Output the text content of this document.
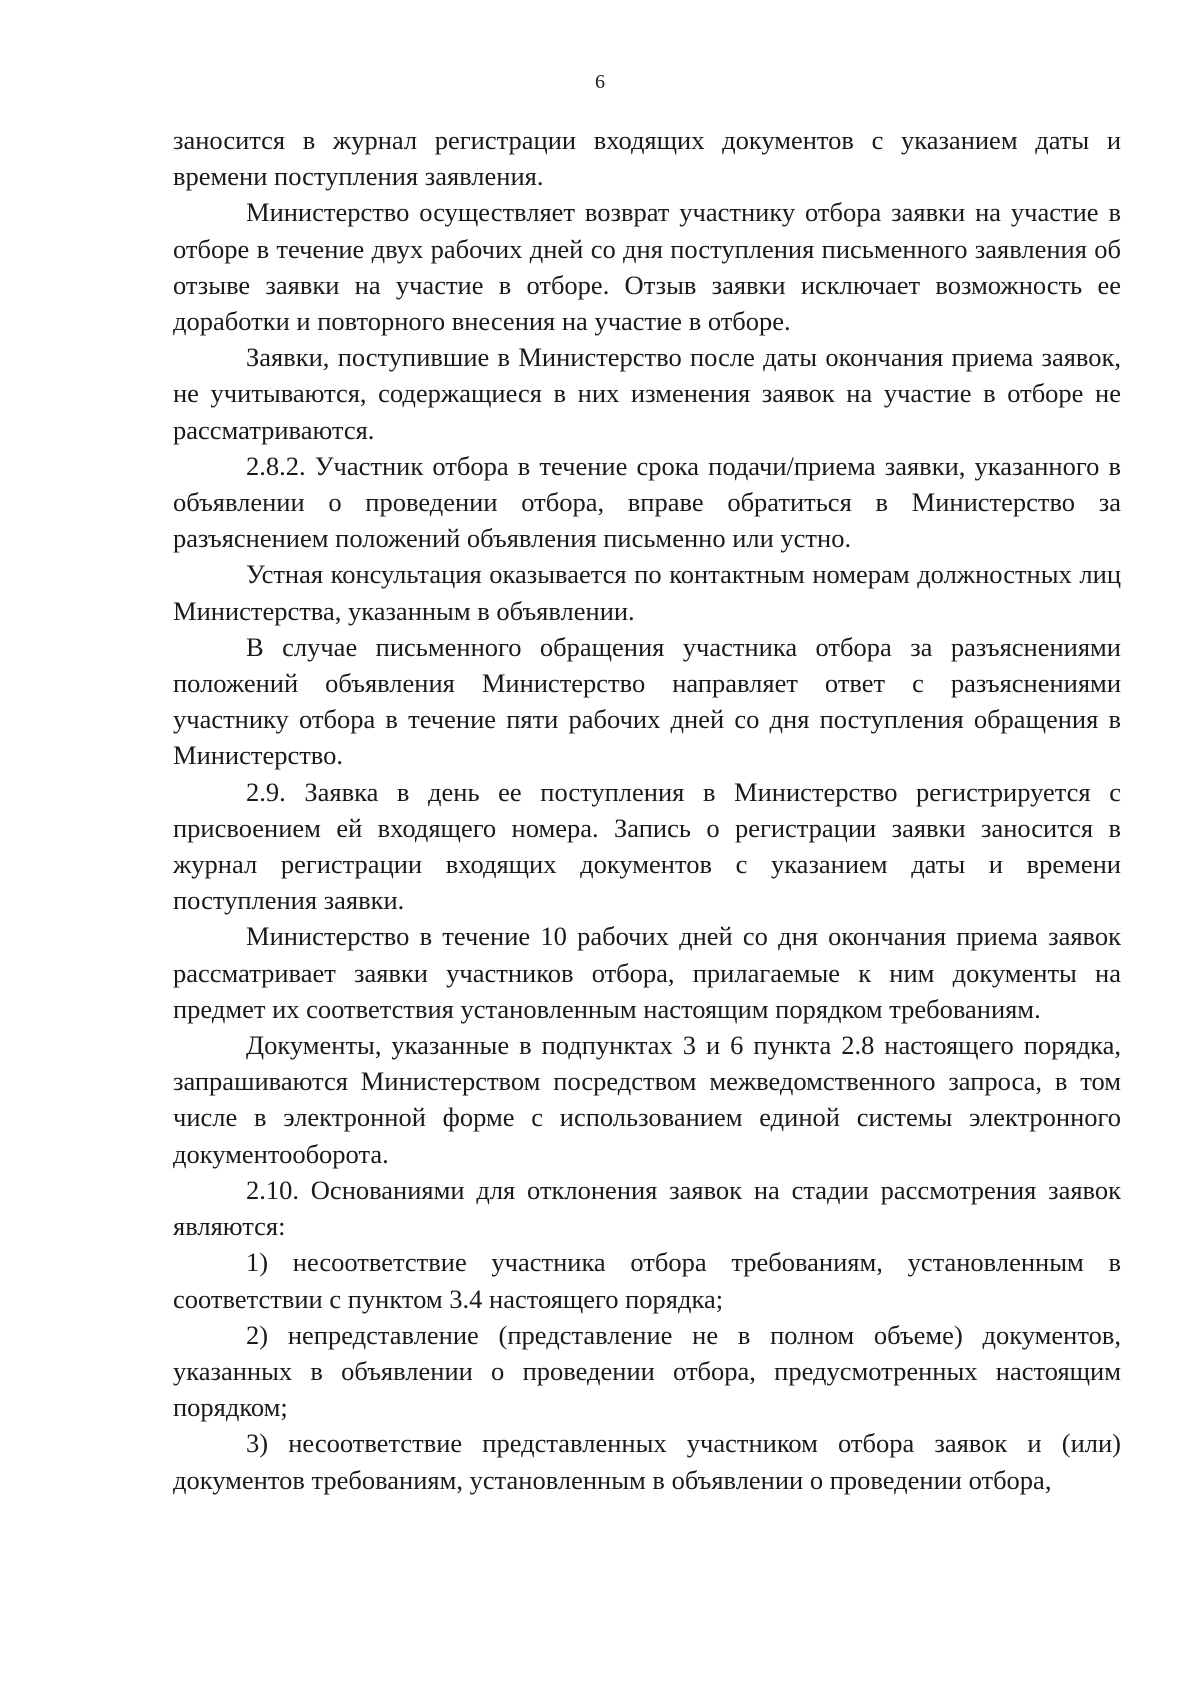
6

заносится в журнал регистрации входящих документов с указанием даты и времени поступления заявления.

Министерство осуществляет возврат участнику отбора заявки на участие в отборе в течение двух рабочих дней со дня поступления письменного заявления об отзыве заявки на участие в отборе. Отзыв заявки исключает возможность ее доработки и повторного внесения на участие в отборе.

Заявки, поступившие в Министерство после даты окончания приема заявок, не учитываются, содержащиеся в них изменения заявок на участие в отборе не рассматриваются.

2.8.2. Участник отбора в течение срока подачи/приема заявки, указанного в объявлении о проведении отбора, вправе обратиться в Министерство за разъяснением положений объявления письменно или устно.

Устная консультация оказывается по контактным номерам должностных лиц Министерства, указанным в объявлении.

В случае письменного обращения участника отбора за разъяснениями положений объявления Министерство направляет ответ с разъяснениями участнику отбора в течение пяти рабочих дней со дня поступления обращения в Министерство.

2.9. Заявка в день ее поступления в Министерство регистрируется с присвоением ей входящего номера. Запись о регистрации заявки заносится в журнал регистрации входящих документов с указанием даты и времени поступления заявки.

Министерство в течение 10 рабочих дней со дня окончания приема заявок рассматривает заявки участников отбора, прилагаемые к ним документы на предмет их соответствия установленным настоящим порядком требованиям.

Документы, указанные в подпунктах 3 и 6 пункта 2.8 настоящего порядка, запрашиваются Министерством посредством межведомственного запроса, в том числе в электронной форме с использованием единой системы электронного документооборота.

2.10. Основаниями для отклонения заявок на стадии рассмотрения заявок являются:

1) несоответствие участника отбора требованиям, установленным в соответствии с пунктом 3.4 настоящего порядка;

2) непредставление (представление не в полном объеме) документов, указанных в объявлении о проведении отбора, предусмотренных настоящим порядком;

3) несоответствие представленных участником отбора заявок и (или) документов требованиям, установленным в объявлении о проведении отбора,
